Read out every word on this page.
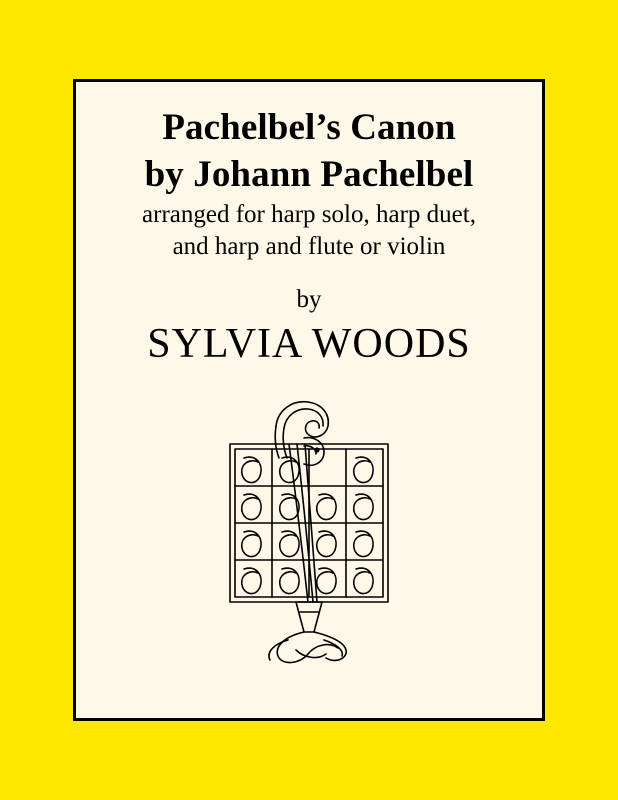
Pachelbel’s Canon
by Johann Pachelbel
arranged for harp solo, harp duet,
and harp and flute or violin
by
SYLVIA WOODS
